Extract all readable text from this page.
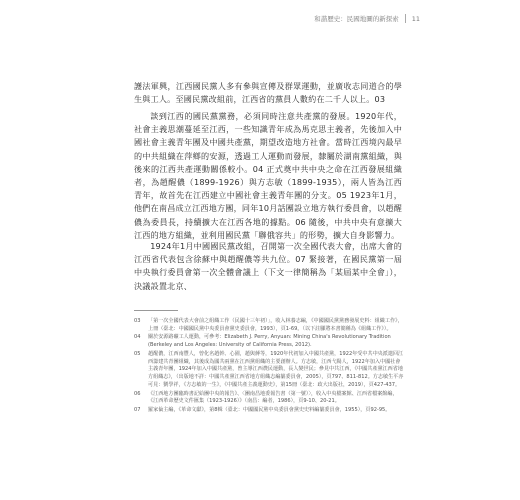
和諧歷史：民國地圖的新探索 11

護法軍興，江西國民黨人多有參與宣傳及群眾運動，並廣收志同道合的學生與工人。至國民黨改組前，江西省的黨員人數約在二千人以上。03

談到江西的國民黨黨務，必須同時注意共產黨的發展。1920年代，社會主義思潮蔓延至江西，一些知識青年成為馬克思主義者，先後加入中國社會主義青年團及中國共產黨，期望改造地方社會。當時江西境內最早的中共組織在萍鄉的安源，透過工人運動而發展，隸屬於湖南黨組織，與後來的江西共產運動關係較小。04 正式奠中共中央之命在江西發展組織者，為趙醒儂（1899-1926）與方志敏（1899-1935），兩人皆為江西青年，故首先在江西建立中國社會主義青年團的分支。05 1923年1月，他們在南昌成立江西地方團，同年10月話團設立地方執行委員會，以趙醒儂為委員長，持續擴大在江西各地的據點。06 隨後，中共中央有意擴大江西的地方組織，並利用國民黨「聯俄容共」的形勢，擴大自身影響力。

1924年1月中國國民黨改組，召開第一次全國代表大會，出席大會的江西省代表包含徐蘇中與趙醒儂等共九位。07 緊接著，在國民黨第一屆中央執行委員會第一次全體會議上（下文一律簡稱為「某屆某中全會」），決議設置北京、

03	「第一次全國代表大會前之組織工作（民國十三年初）」，收入林養志編，《中國國民黨黨務發展史料：組織工作》，上冊（臺北：中國國民黨中央委員會黨史委員會，1993），頁1-69。（以下註腳將本書簡稱為《組織工作》）。
04	關於安源路礦工人運動，可參考：Elizabeth J. Perry, Anyuan: Mining China's Revolutionary Tradition (Berkeley and Los Angeles: University of California Press, 2012).
05	趙醒儂，江西南豐人，曾化名趙幹、心園，趙與蔣等，1920年代初加入中國共產黨，1922年受中共中央派遣回江西籌建共青團組織，其後成為國共兩黨在江西黨組織的主要創辦人。方志敏，江西弋陽人，1922年加入中國社會主義青年團，1924年加入中國共產黨，曾主導江西農民運動，長人變世民；參見中共江西，《中國共產黨江西省地方組織志》，（出版地不詳：中國共產黨江西省地方組織志編纂委員會，2005），頁797、811-812。方志敏生平亦可見：劉學祥，《方志敏的一生》，《中國共產主義運動史》，第15冊（臺北：政大出版社，2019），頁427-437。
06	《江西地方團臨時書記給團中央的報告》、〈團南昌地委報告書（第一號）〉，收入中央檔案館、江西省檔案館編，《江西革命歷史文件匯集（1923-1926）》（南昌：編者，1986），頁9-10、20-21。
07	羅家倫主編，《革命文獻》，第8輯（臺北：中國國民黨中央委員會黨史史料編纂委員會，1955），頁92-95。
